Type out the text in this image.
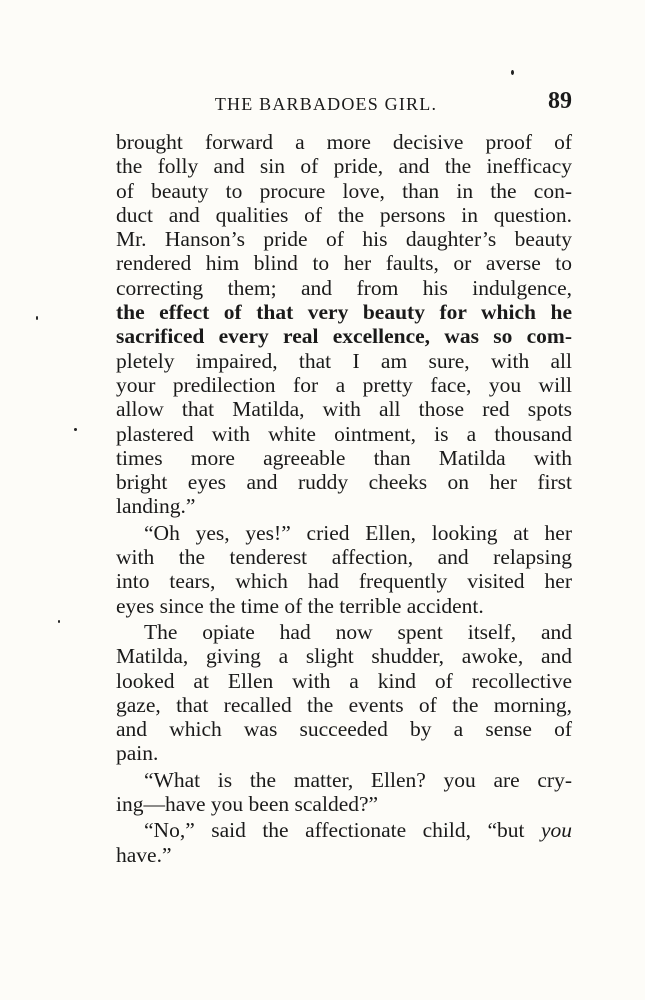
THE BARBADOES GIRL.	89
brought forward a more decisive proof of
the folly and sin of pride, and the inefficacy
of beauty to procure love, than in the con-
duct and qualities of the persons in question.
Mr. Hanson’s pride of his daughter’s beauty
rendered him blind to her faults, or averse to
correcting them; and from his indulgence,
the effect of that very beauty for which he
sacrificed every real excellence, was so com-
pletely impaired, that I am sure, with all
your predilection for a pretty face, you will
allow that Matilda, with all those red spots
plastered with white ointment, is a thousand
times more agreeable than Matilda with
bright eyes and ruddy cheeks on her first
landing.”
“Oh yes, yes!” cried Ellen, looking at her
with the tenderest affection, and relapsing
into tears, which had frequently visited her
eyes since the time of the terrible accident.
The opiate had now spent itself, and
Matilda, giving a slight shudder, awoke, and
looked at Ellen with a kind of recollective
gaze, that recalled the events of the morning,
and which was succeeded by a sense of
pain.
“What is the matter, Ellen? you are cry-
ing—have you been scalded?”
“No,” said the affectionate child, “but you
have.”
